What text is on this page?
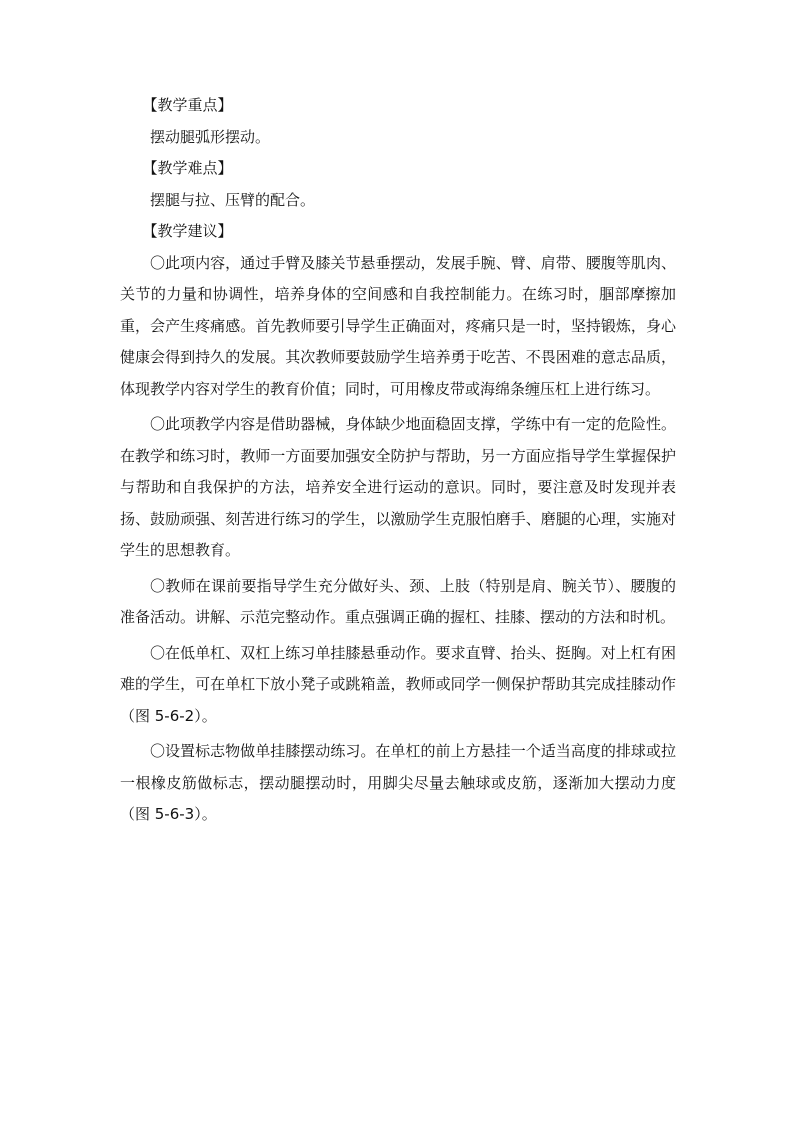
【教学重点】

摆动腿弧形摆动。

【教学难点】

摆腿与拉、压臂的配合。

【教学建议】

〇此项内容，通过手臂及膝关节悬垂摆动，发展手腕、臂、肩带、腰腹等肌肉、关节的力量和协调性，培养身体的空间感和自我控制能力。在练习时，腘部摩擦加重，会产生疼痛感。首先教师要引导学生正确面对，疼痛只是一时，坚持锻炼，身心健康会得到持久的发展。其次教师要鼓励学生培养勇于吃苦、不畏困难的意志品质，体现教学内容对学生的教育价值；同时，可用橡皮带或海绵条缠压杠上进行练习。

〇此项教学内容是借助器械，身体缺少地面稳固支撑，学练中有一定的危险性。在教学和练习时，教师一方面要加强安全防护与帮助，另一方面应指导学生掌握保护与帮助和自我保护的方法，培养安全进行运动的意识。同时，要注意及时发现并表扬、鼓励顽强、刻苦进行练习的学生，以激励学生克服怕磨手、磨腿的心理，实施对学生的思想教育。

〇教师在课前要指导学生充分做好头、颈、上肢（特别是肩、腕关节）、腰腹的准备活动。讲解、示范完整动作。重点强调正确的握杠、挂膝、摆动的方法和时机。

〇在低单杠、双杠上练习单挂膝悬垂动作。要求直臂、抬头、挺胸。对上杠有困难的学生，可在单杠下放小凳子或跳箱盖，教师或同学一侧保护帮助其完成挂膝动作（图 5-6-2）。

〇设置标志物做单挂膝摆动练习。在单杠的前上方悬挂一个适当高度的排球或拉一根橡皮筋做标志，摆动腿摆动时，用脚尖尽量去触球或皮筋，逐渐加大摆动力度（图 5-6-3）。
